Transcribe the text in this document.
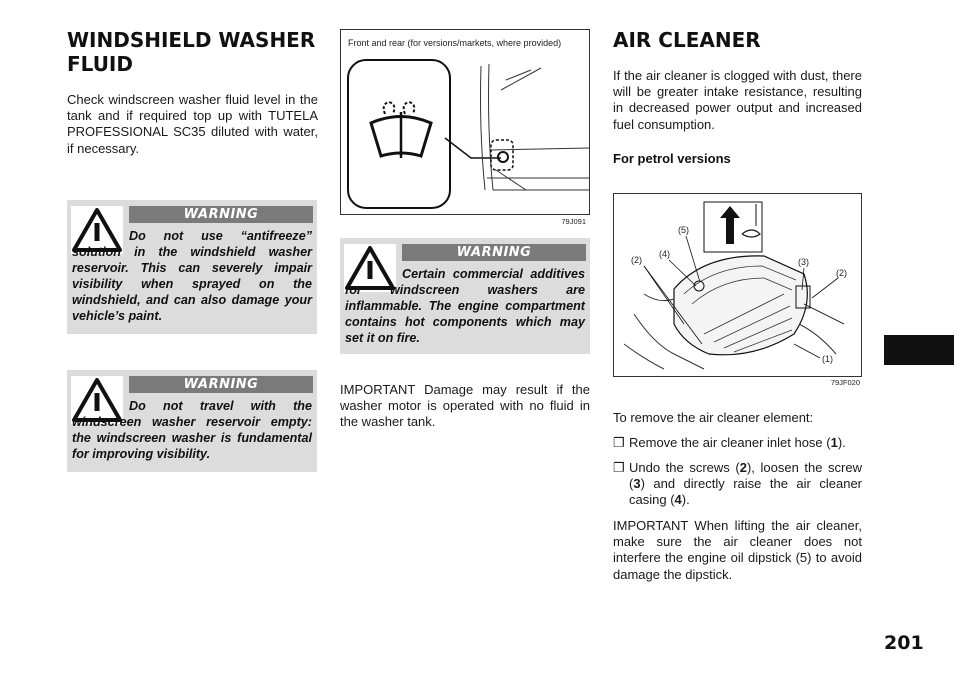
WINDSHIELD WASHER
FLUID

Check windscreen washer fluid level in the tank and if required top up with TUTELA PROFESSIONAL SC35 diluted with water, if necessary.

WARNING
Do not use “antifreeze” solution in the windshield washer reservoir. This can severely impair visibility when sprayed on the windshield, and can also damage your vehicle’s paint.
WARNING
Do not travel with the windscreen washer reservoir empty: the windscreen washer is fundamental for improving visibility.
Front and rear (for versions/markets, where provided)
79J091
WARNING
Certain commercial additives for windscreen washers are inflammable. The engine compartment contains hot components which may set it on fire.

IMPORTANT Damage may result if the washer motor is operated with no fluid in the washer tank.

AIR CLEANER

If the air cleaner is clogged with dust, there will be greater intake resistance, resulting in decreased power output and increased fuel consumption.

For petrol versions
(5)
(4)
(2)	(3)
(2)
(1)
79JF020

To remove the air cleaner element:

❒ Remove the air cleaner inlet hose (1).
❒ Undo the screws (2), loosen the screw (3) and directly raise the air cleaner casing (4).

IMPORTANT When lifting the air cleaner, make sure the air cleaner does not interfere the engine oil dipstick (5) to avoid damage the dipstick.

201
